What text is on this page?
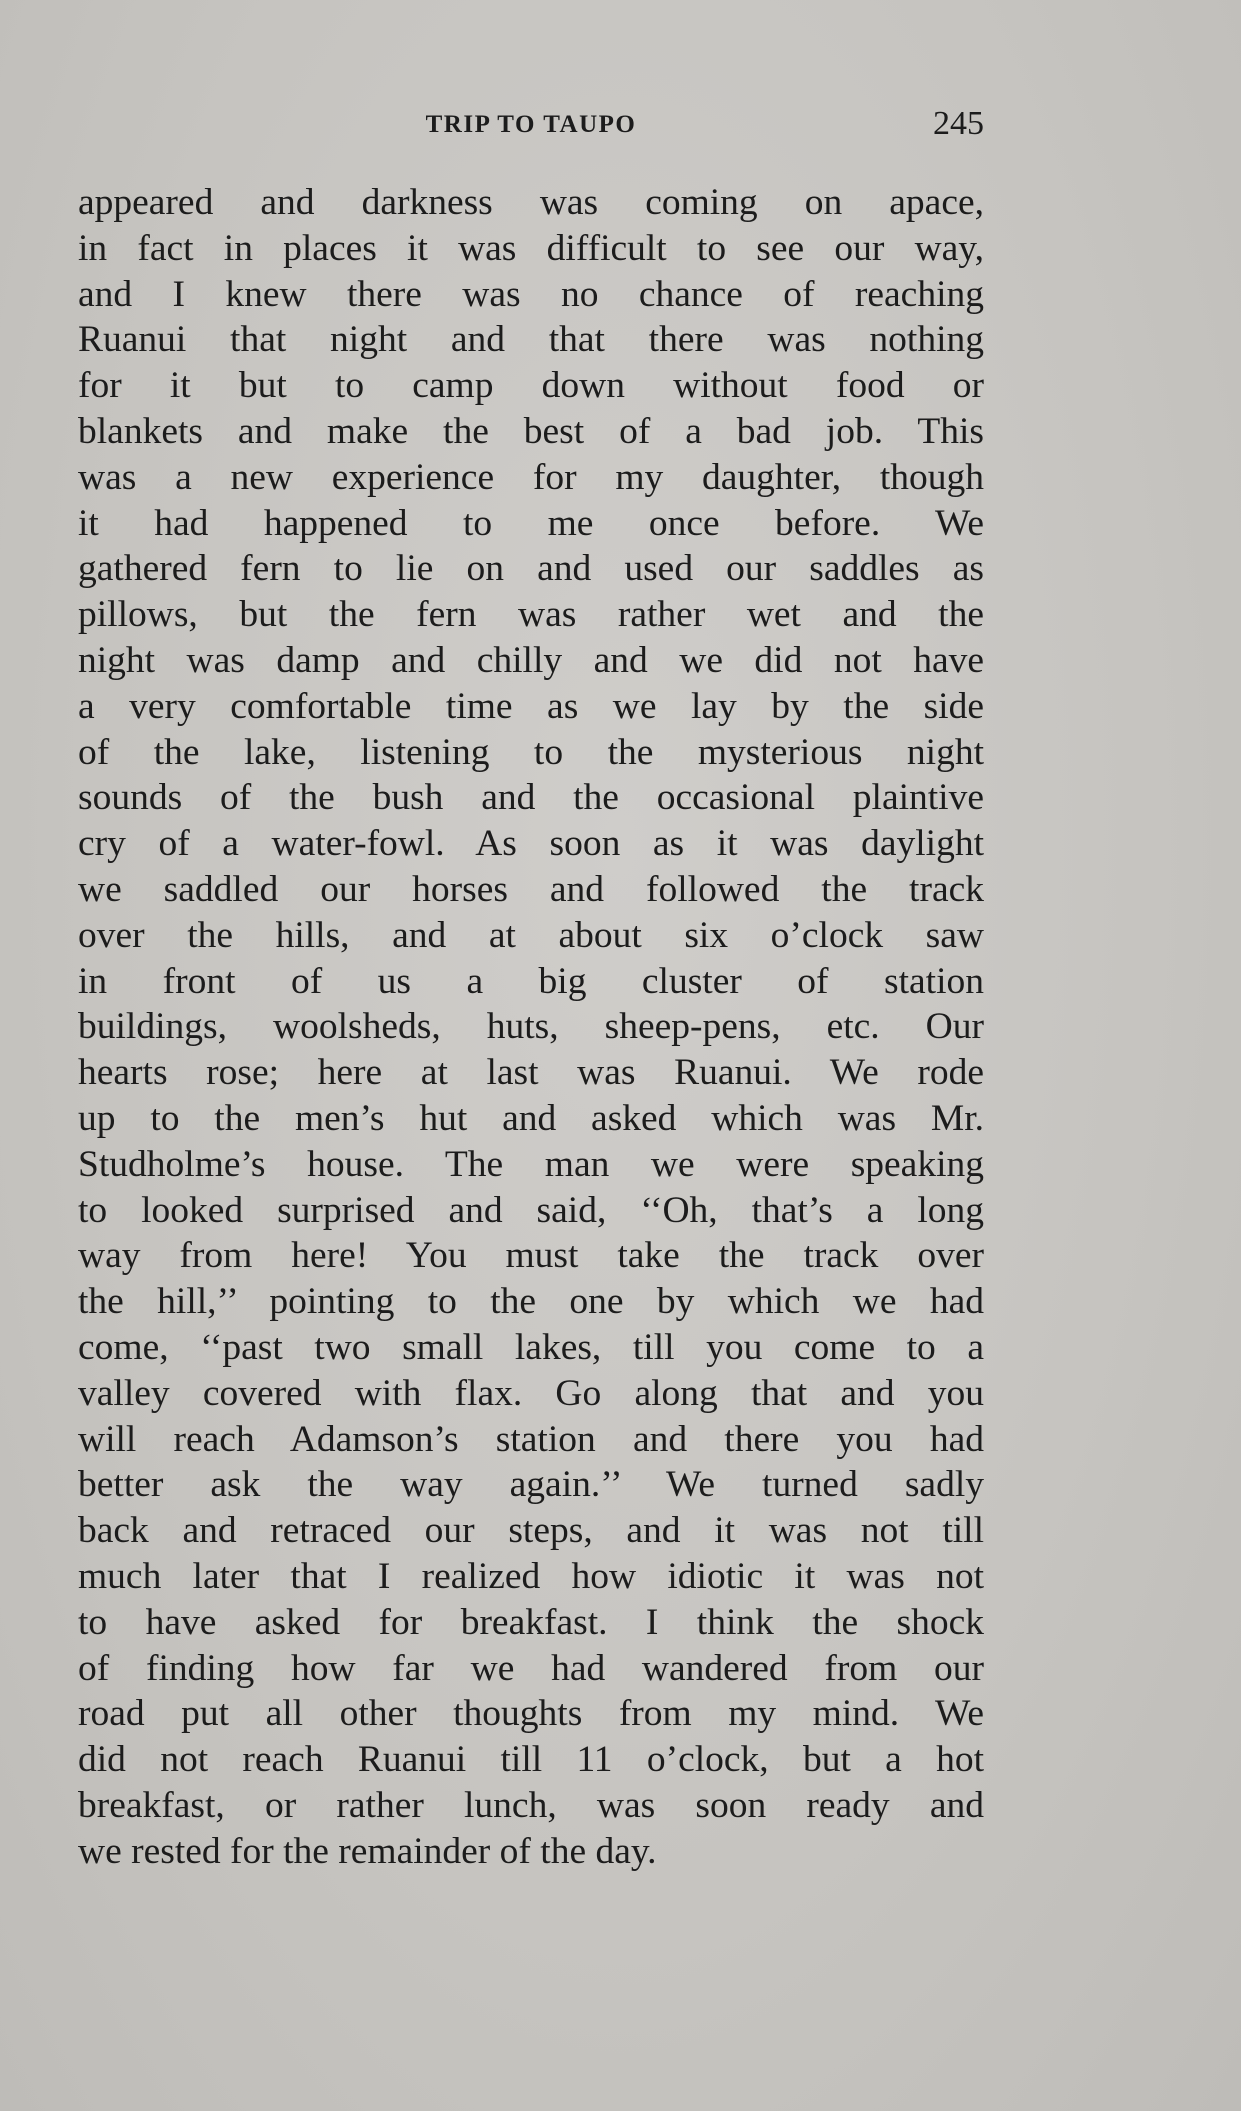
TRIP TO TAUPO	245
appeared and darkness was coming on apace,
in fact in places it was difficult to see our way,
and I knew there was no chance of reaching
Ruanui that night and that there was nothing
for it but to camp down without food or
blankets and make the best of a bad job. This
was a new experience for my daughter, though
it had happened to me once before. We
gathered fern to lie on and used our saddles as
pillows, but the fern was rather wet and the
night was damp and chilly and we did not have
a very comfortable time as we lay by the side
of the lake, listening to the mysterious night
sounds of the bush and the occasional plaintive
cry of a water-fowl. As soon as it was daylight
we saddled our horses and followed the track
over the hills, and at about six o’clock saw
in front of us a big cluster of station
buildings, woolsheds, huts, sheep-pens, etc. Our
hearts rose; here at last was Ruanui. We rode
up to the men’s hut and asked which was Mr.
Studholme’s house. The man we were speaking
to looked surprised and said, ‘‘Oh, that’s a long
way from here! You must take the track over
the hill,’’ pointing to the one by which we had
come, ‘‘past two small lakes, till you come to a
valley covered with flax. Go along that and you
will reach Adamson’s station and there you had
better ask the way again.’’ We turned sadly
back and retraced our steps, and it was not till
much later that I realized how idiotic it was not
to have asked for breakfast. I think the shock
of finding how far we had wandered from our
road put all other thoughts from my mind. We
did not reach Ruanui till 11 o’clock, but a hot
breakfast, or rather lunch, was soon ready and
we rested for the remainder of the day.
